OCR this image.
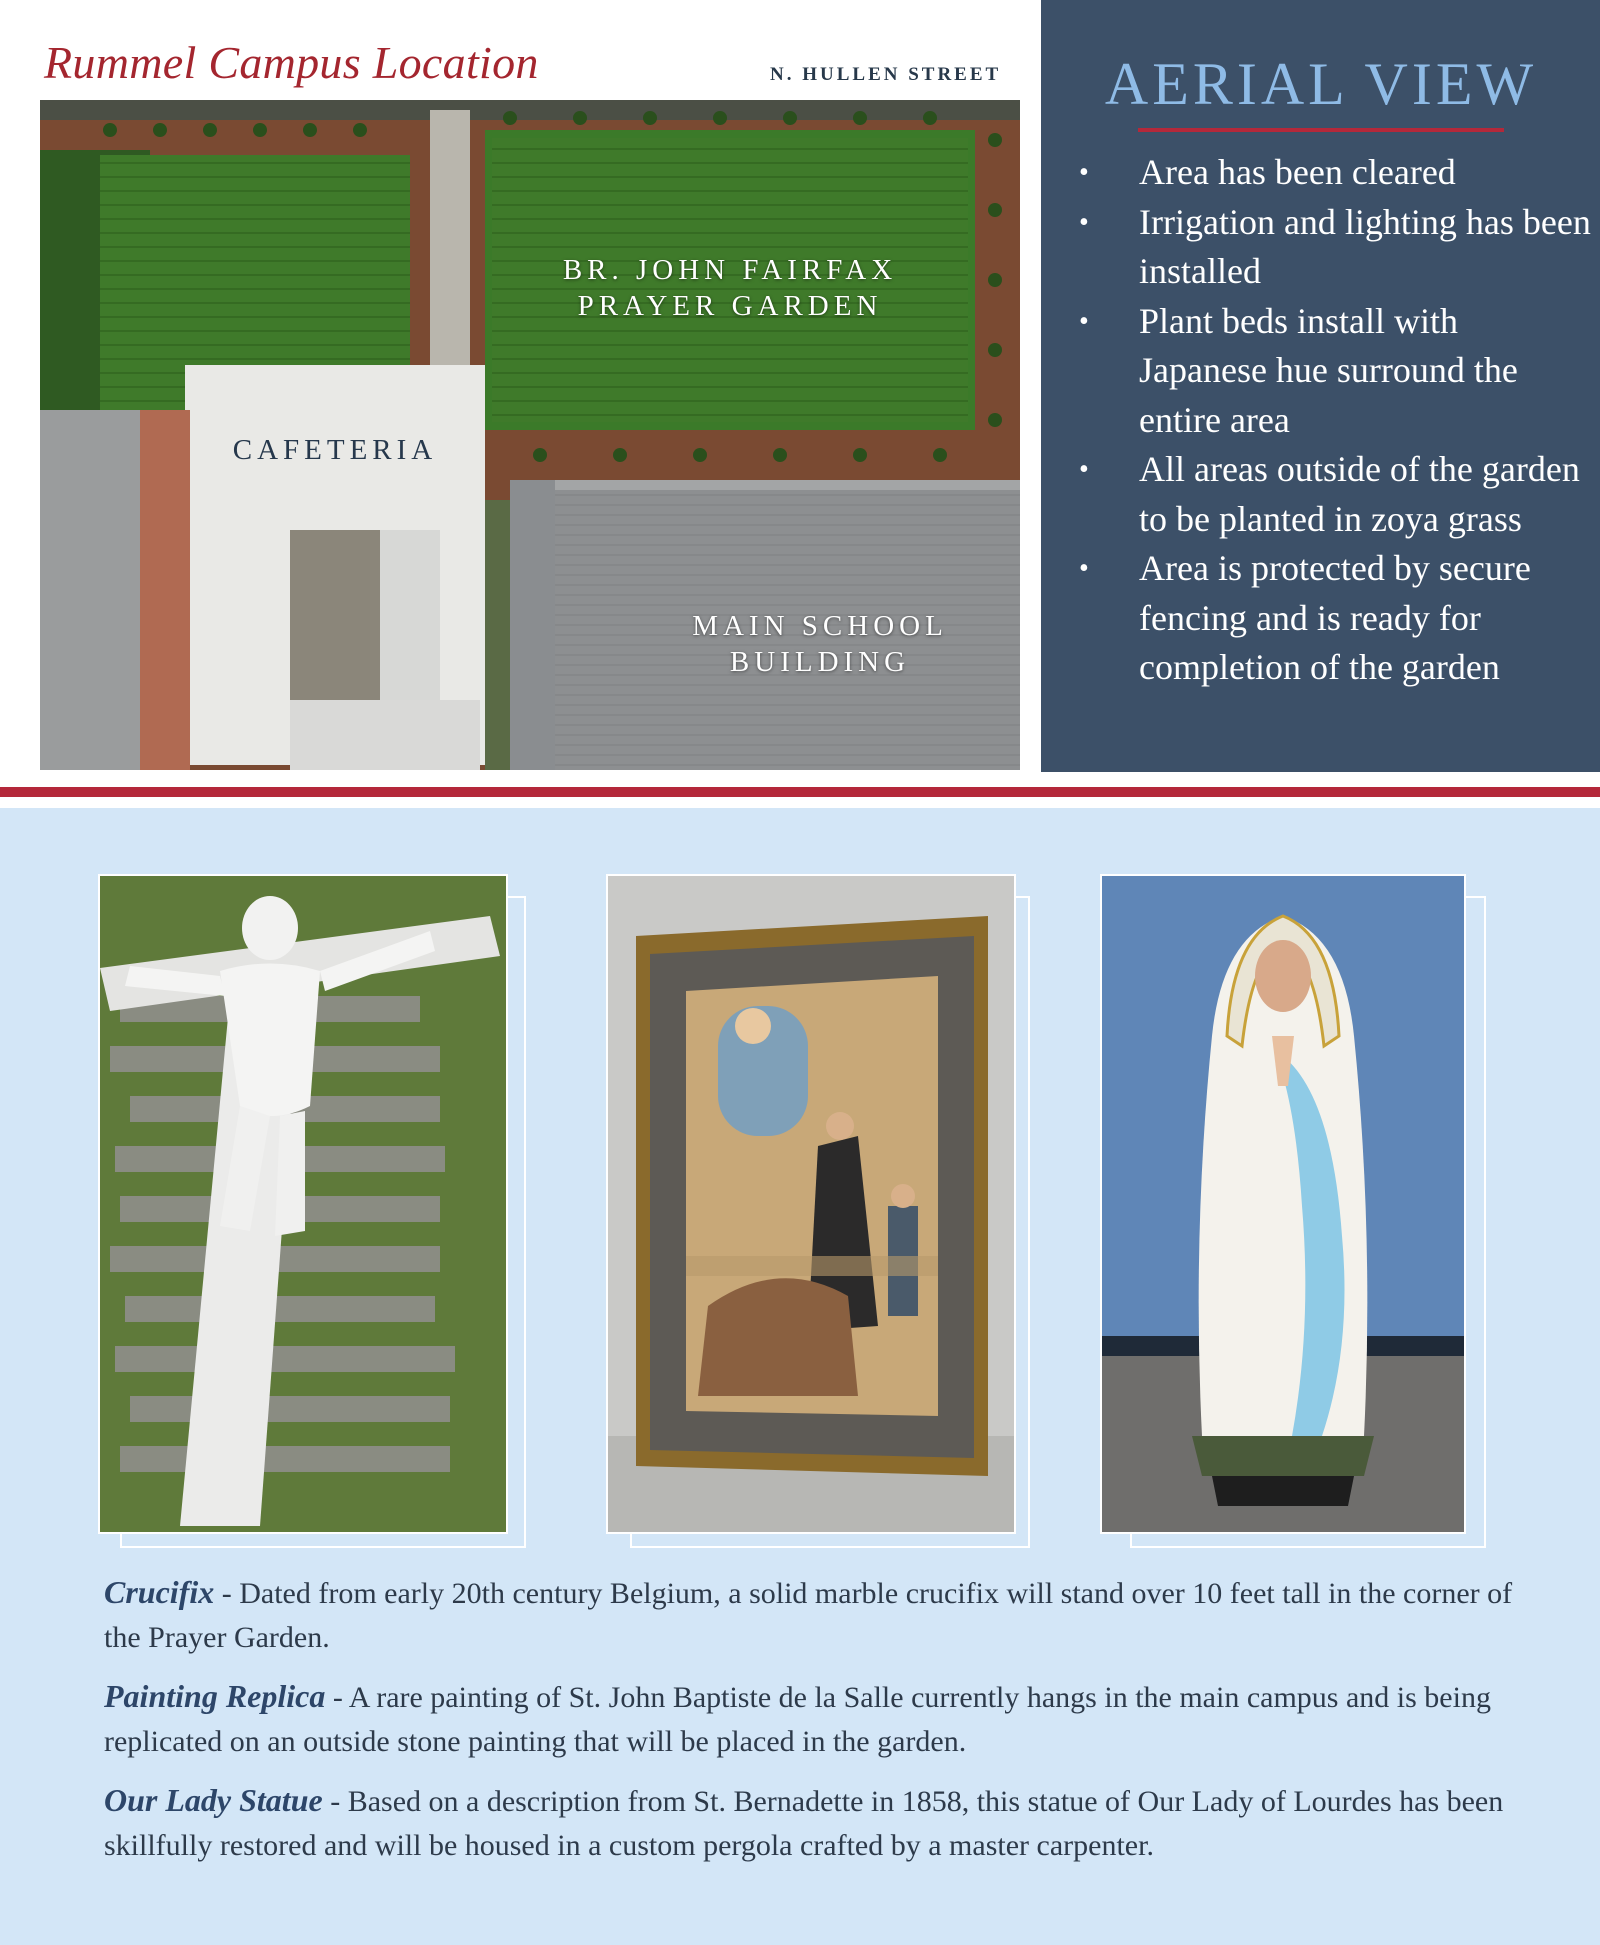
Rummel Campus Location	N. HULLEN STREET
BR. JOHN FAIRFAX
PRAYER GARDEN
CAFETERIA
MAIN SCHOOL
BUILDING
AERIAL VIEW
• Area has been cleared
• Irrigation and lighting has been installed
• Plant beds install with Japanese hue surround the entire area
• All areas outside of the garden to be planted in zoya grass
• Area is protected by secure fencing and is ready for completion of the garden

Crucifix - Dated from early 20th century Belgium, a solid marble crucifix will stand over 10 feet tall in the corner of the Prayer Garden.

Painting Replica - A rare painting of St. John Baptiste de la Salle currently hangs in the main campus and is being replicated on an outside stone painting that will be placed in the garden.

Our Lady Statue - Based on a description from St. Bernadette in 1858, this statue of Our Lady of Lourdes has been skillfully restored and will be housed in a custom pergola crafted by a master carpenter.
